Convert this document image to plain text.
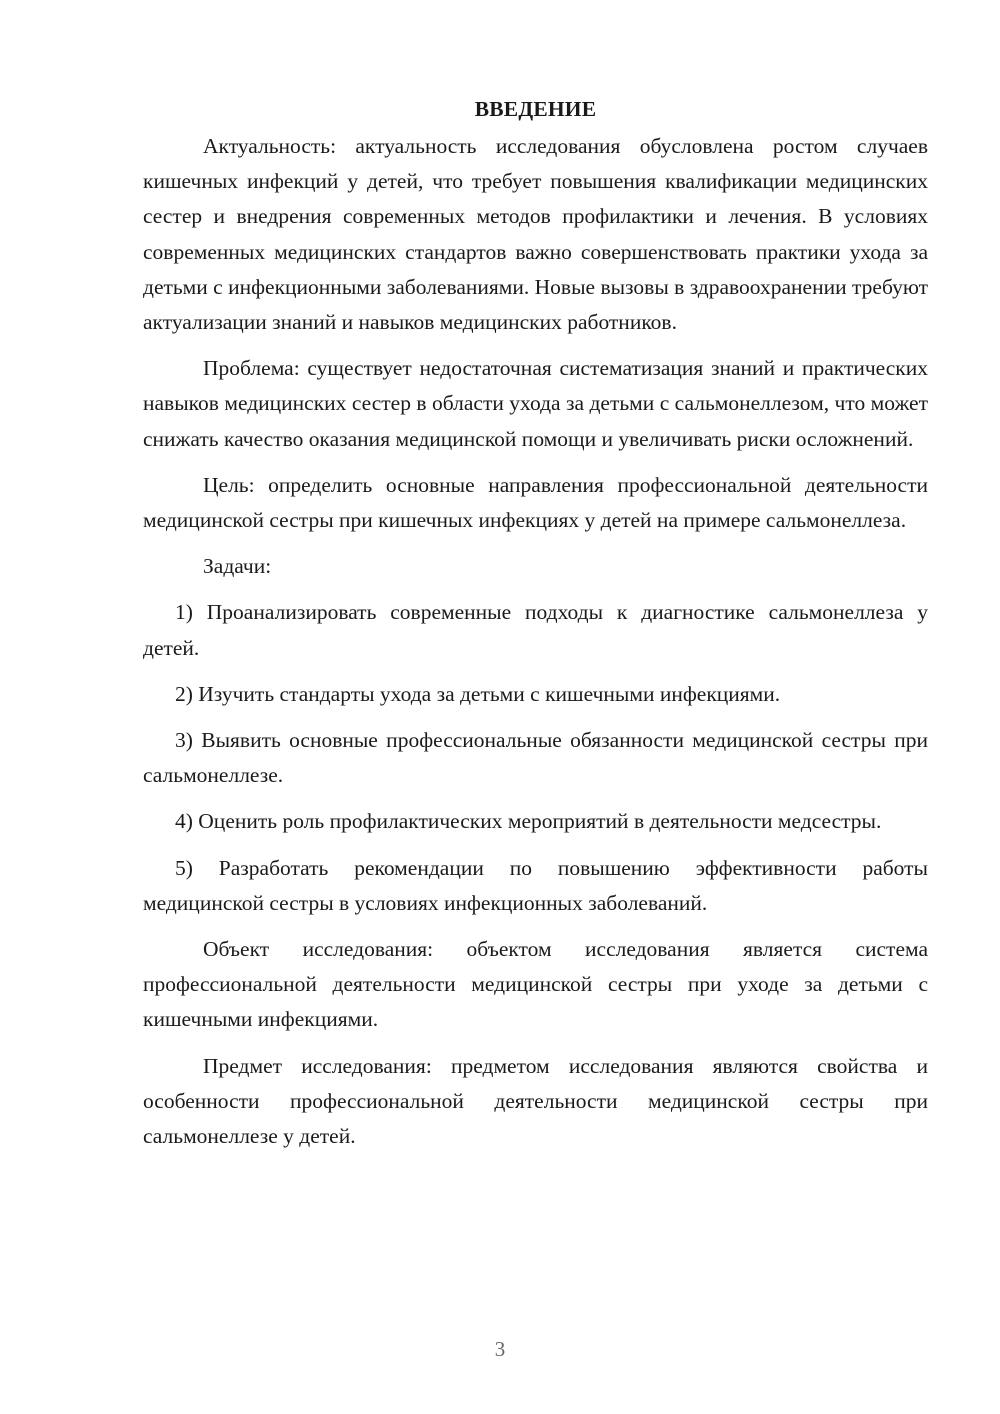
ВВЕДЕНИЕ

Актуальность: актуальность исследования обусловлена ростом случаев кишечных инфекций у детей, что требует повышения квалификации медицинских сестер и внедрения современных методов профилактики и лечения. В условиях современных медицинских стандартов важно совершенствовать практики ухода за детьми с инфекционными заболеваниями. Новые вызовы в здравоохранении требуют актуализации знаний и навыков медицинских работников.

Проблема: существует недостаточная систематизация знаний и практических навыков медицинских сестер в области ухода за детьми с сальмонеллезом, что может снижать качество оказания медицинской помощи и увеличивать риски осложнений.

Цель: определить основные направления профессиональной деятельности медицинской сестры при кишечных инфекциях у детей на примере сальмонеллеза.

Задачи:

1) Проанализировать современные подходы к диагностике сальмонеллеза у детей.

2) Изучить стандарты ухода за детьми с кишечными инфекциями.

3) Выявить основные профессиональные обязанности медицинской сестры при сальмонеллезе.

4) Оценить роль профилактических мероприятий в деятельности медсестры.

5) Разработать рекомендации по повышению эффективности работы медицинской сестры в условиях инфекционных заболеваний.

Объект исследования: объектом исследования является система профессиональной деятельности медицинской сестры при уходе за детьми с кишечными инфекциями.

Предмет исследования: предметом исследования являются свойства и особенности профессиональной деятельности медицинской сестры при сальмонеллезе у детей.

3
